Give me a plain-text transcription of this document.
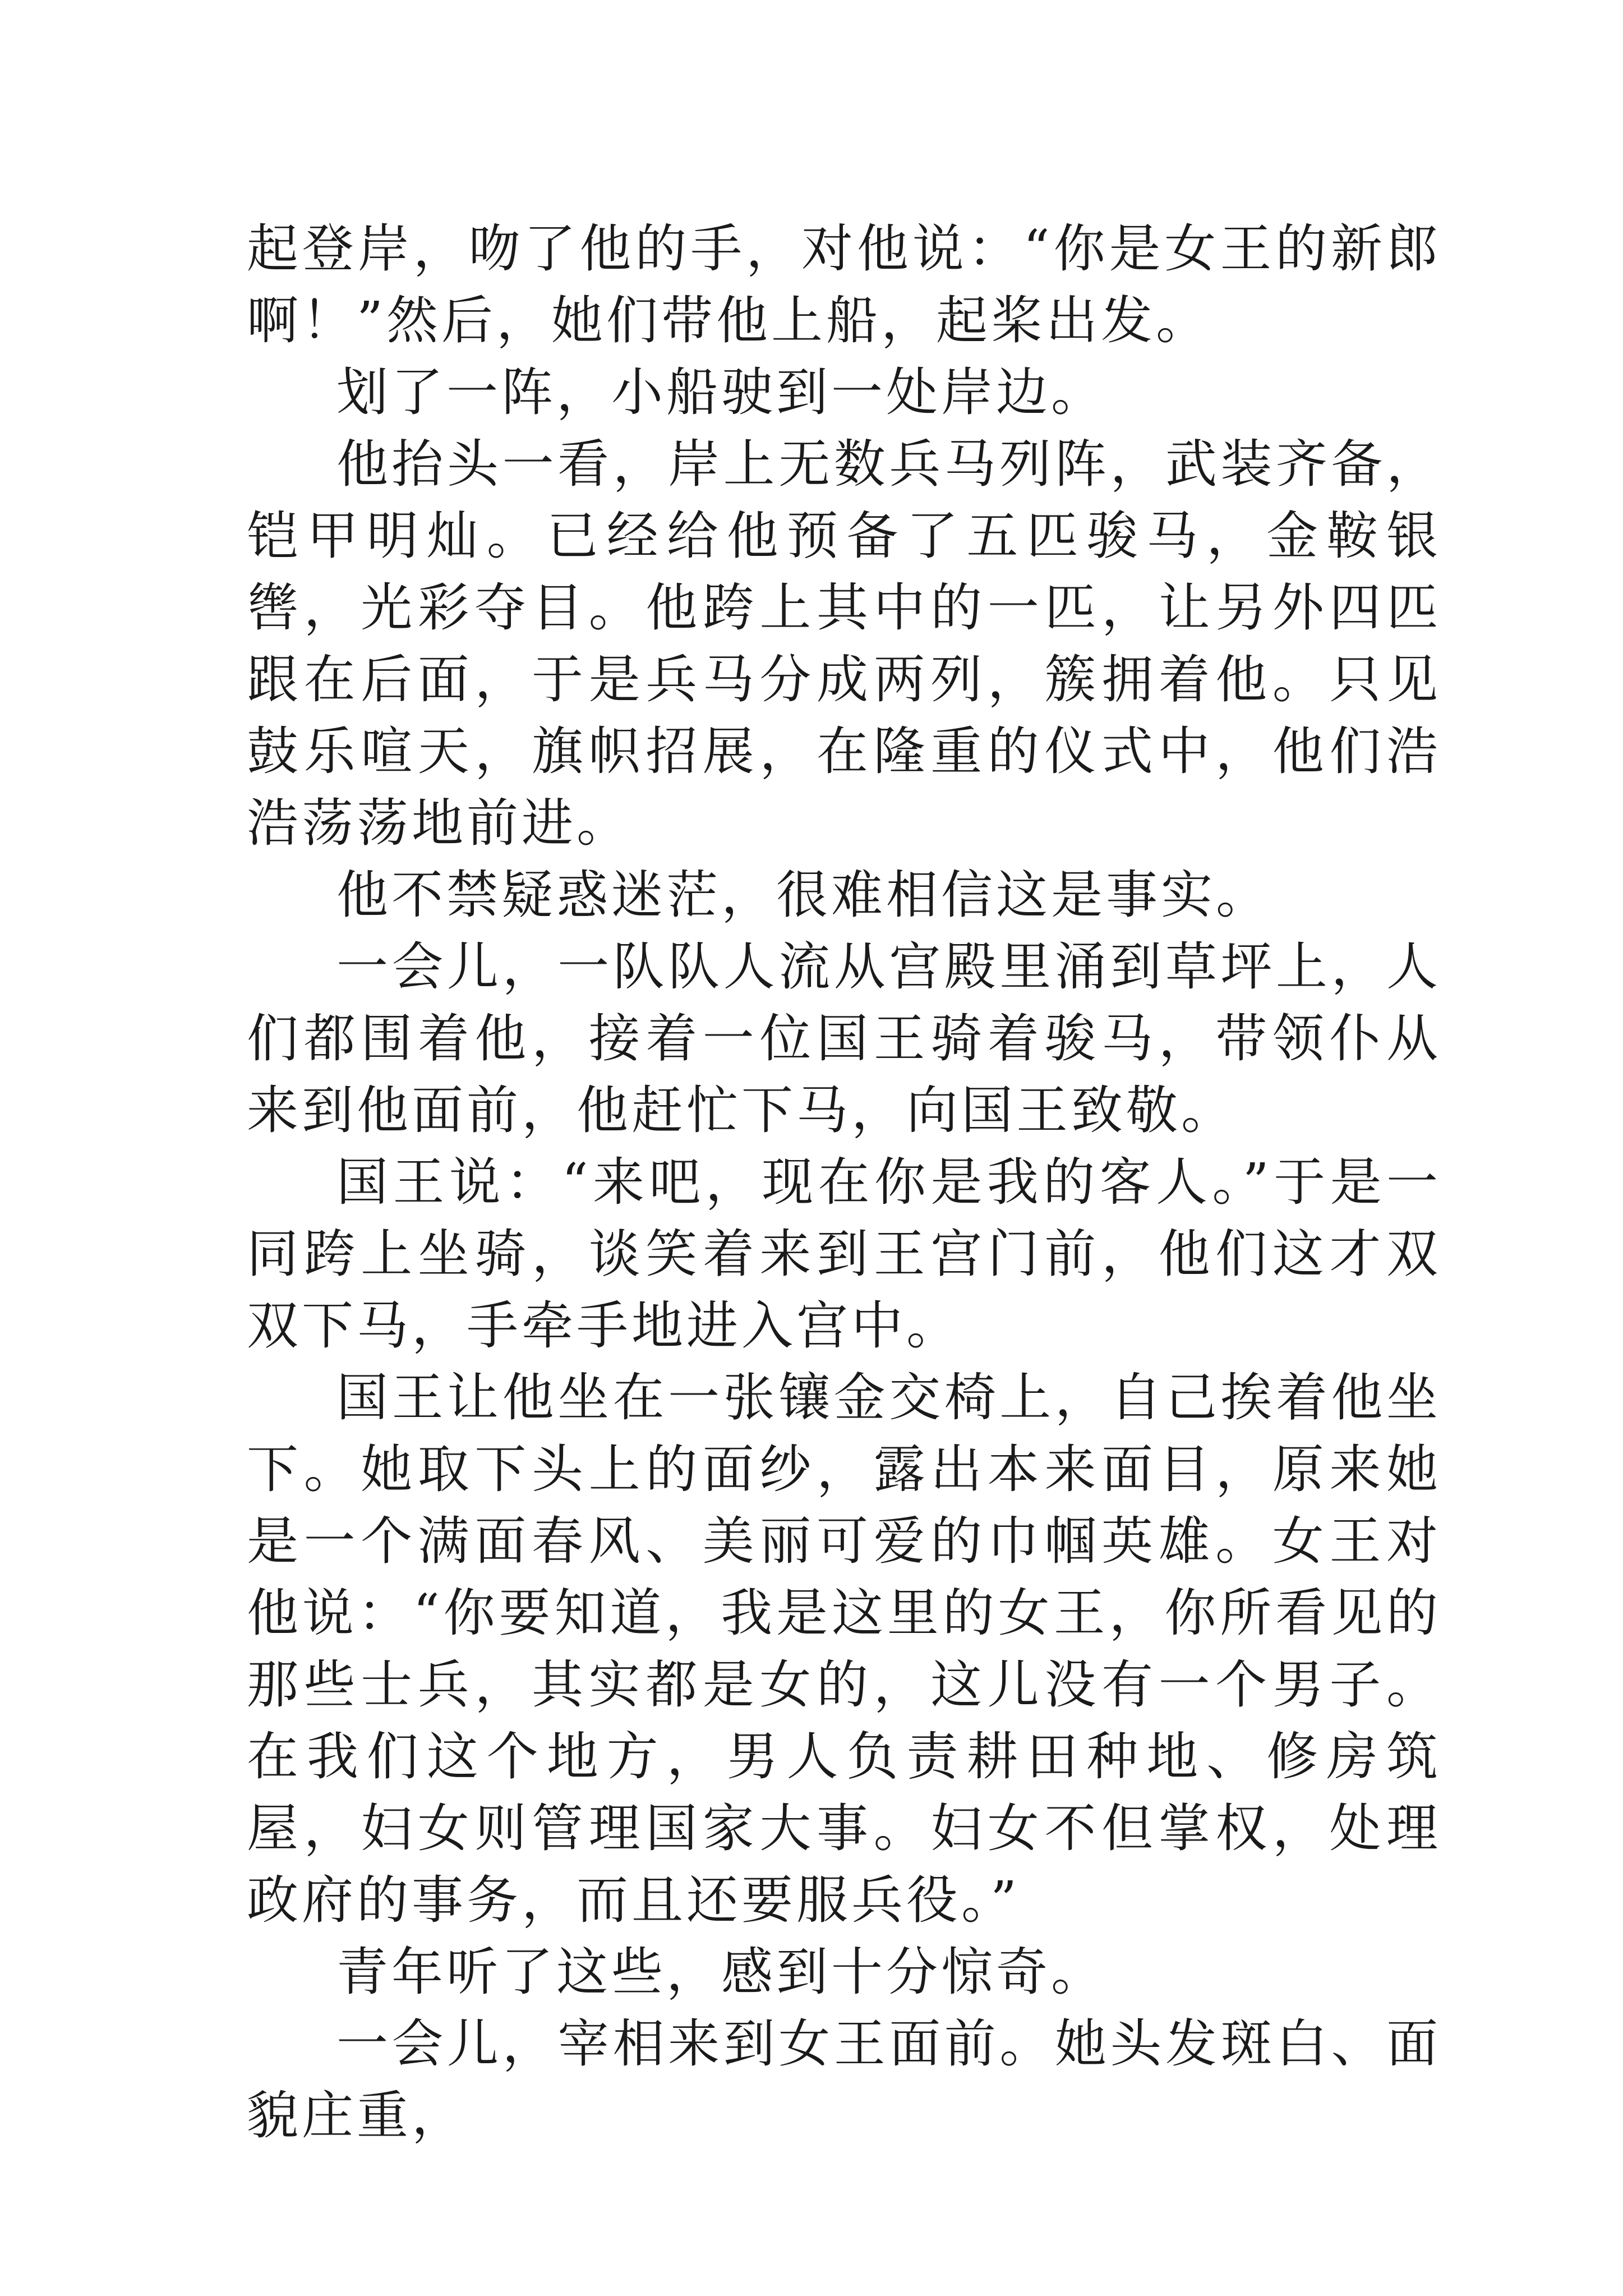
起登岸，吻了他的手，对他说：“你是女王的新郎啊！”然后，她们带他上船，起桨出发。

划了一阵，小船驶到一处岸边。

他抬头一看，岸上无数兵马列阵，武装齐备，铠甲明灿。已经给他预备了五匹骏马，金鞍银辔，光彩夺目。他跨上其中的一匹，让另外四匹跟在后面，于是兵马分成两列，簇拥着他。只见鼓乐喧天，旗帜招展，在隆重的仪式中，他们浩浩荡荡地前进。

他不禁疑惑迷茫，很难相信这是事实。

一会儿，一队队人流从宫殿里涌到草坪上，人们都围着他，接着一位国王骑着骏马，带领仆从来到他面前，他赶忙下马，向国王致敬。

国王说：“来吧，现在你是我的客人。”于是一同跨上坐骑，谈笑着来到王宫门前，他们这才双双下马，手牵手地进入宫中。

国王让他坐在一张镶金交椅上，自己挨着他坐下。她取下头上的面纱，露出本来面目，原来她是一个满面春风、美丽可爱的巾帼英雄。女王对他说：“你要知道，我是这里的女王，你所看见的那些士兵，其实都是女的，这儿没有一个男子。在我们这个地方，男人负责耕田种地、修房筑屋，妇女则管理国家大事。妇女不但掌权，处理政府的事务，而且还要服兵役。”

青年听了这些，感到十分惊奇。

一会儿，宰相来到女王面前。她头发斑白、面貌庄重，
